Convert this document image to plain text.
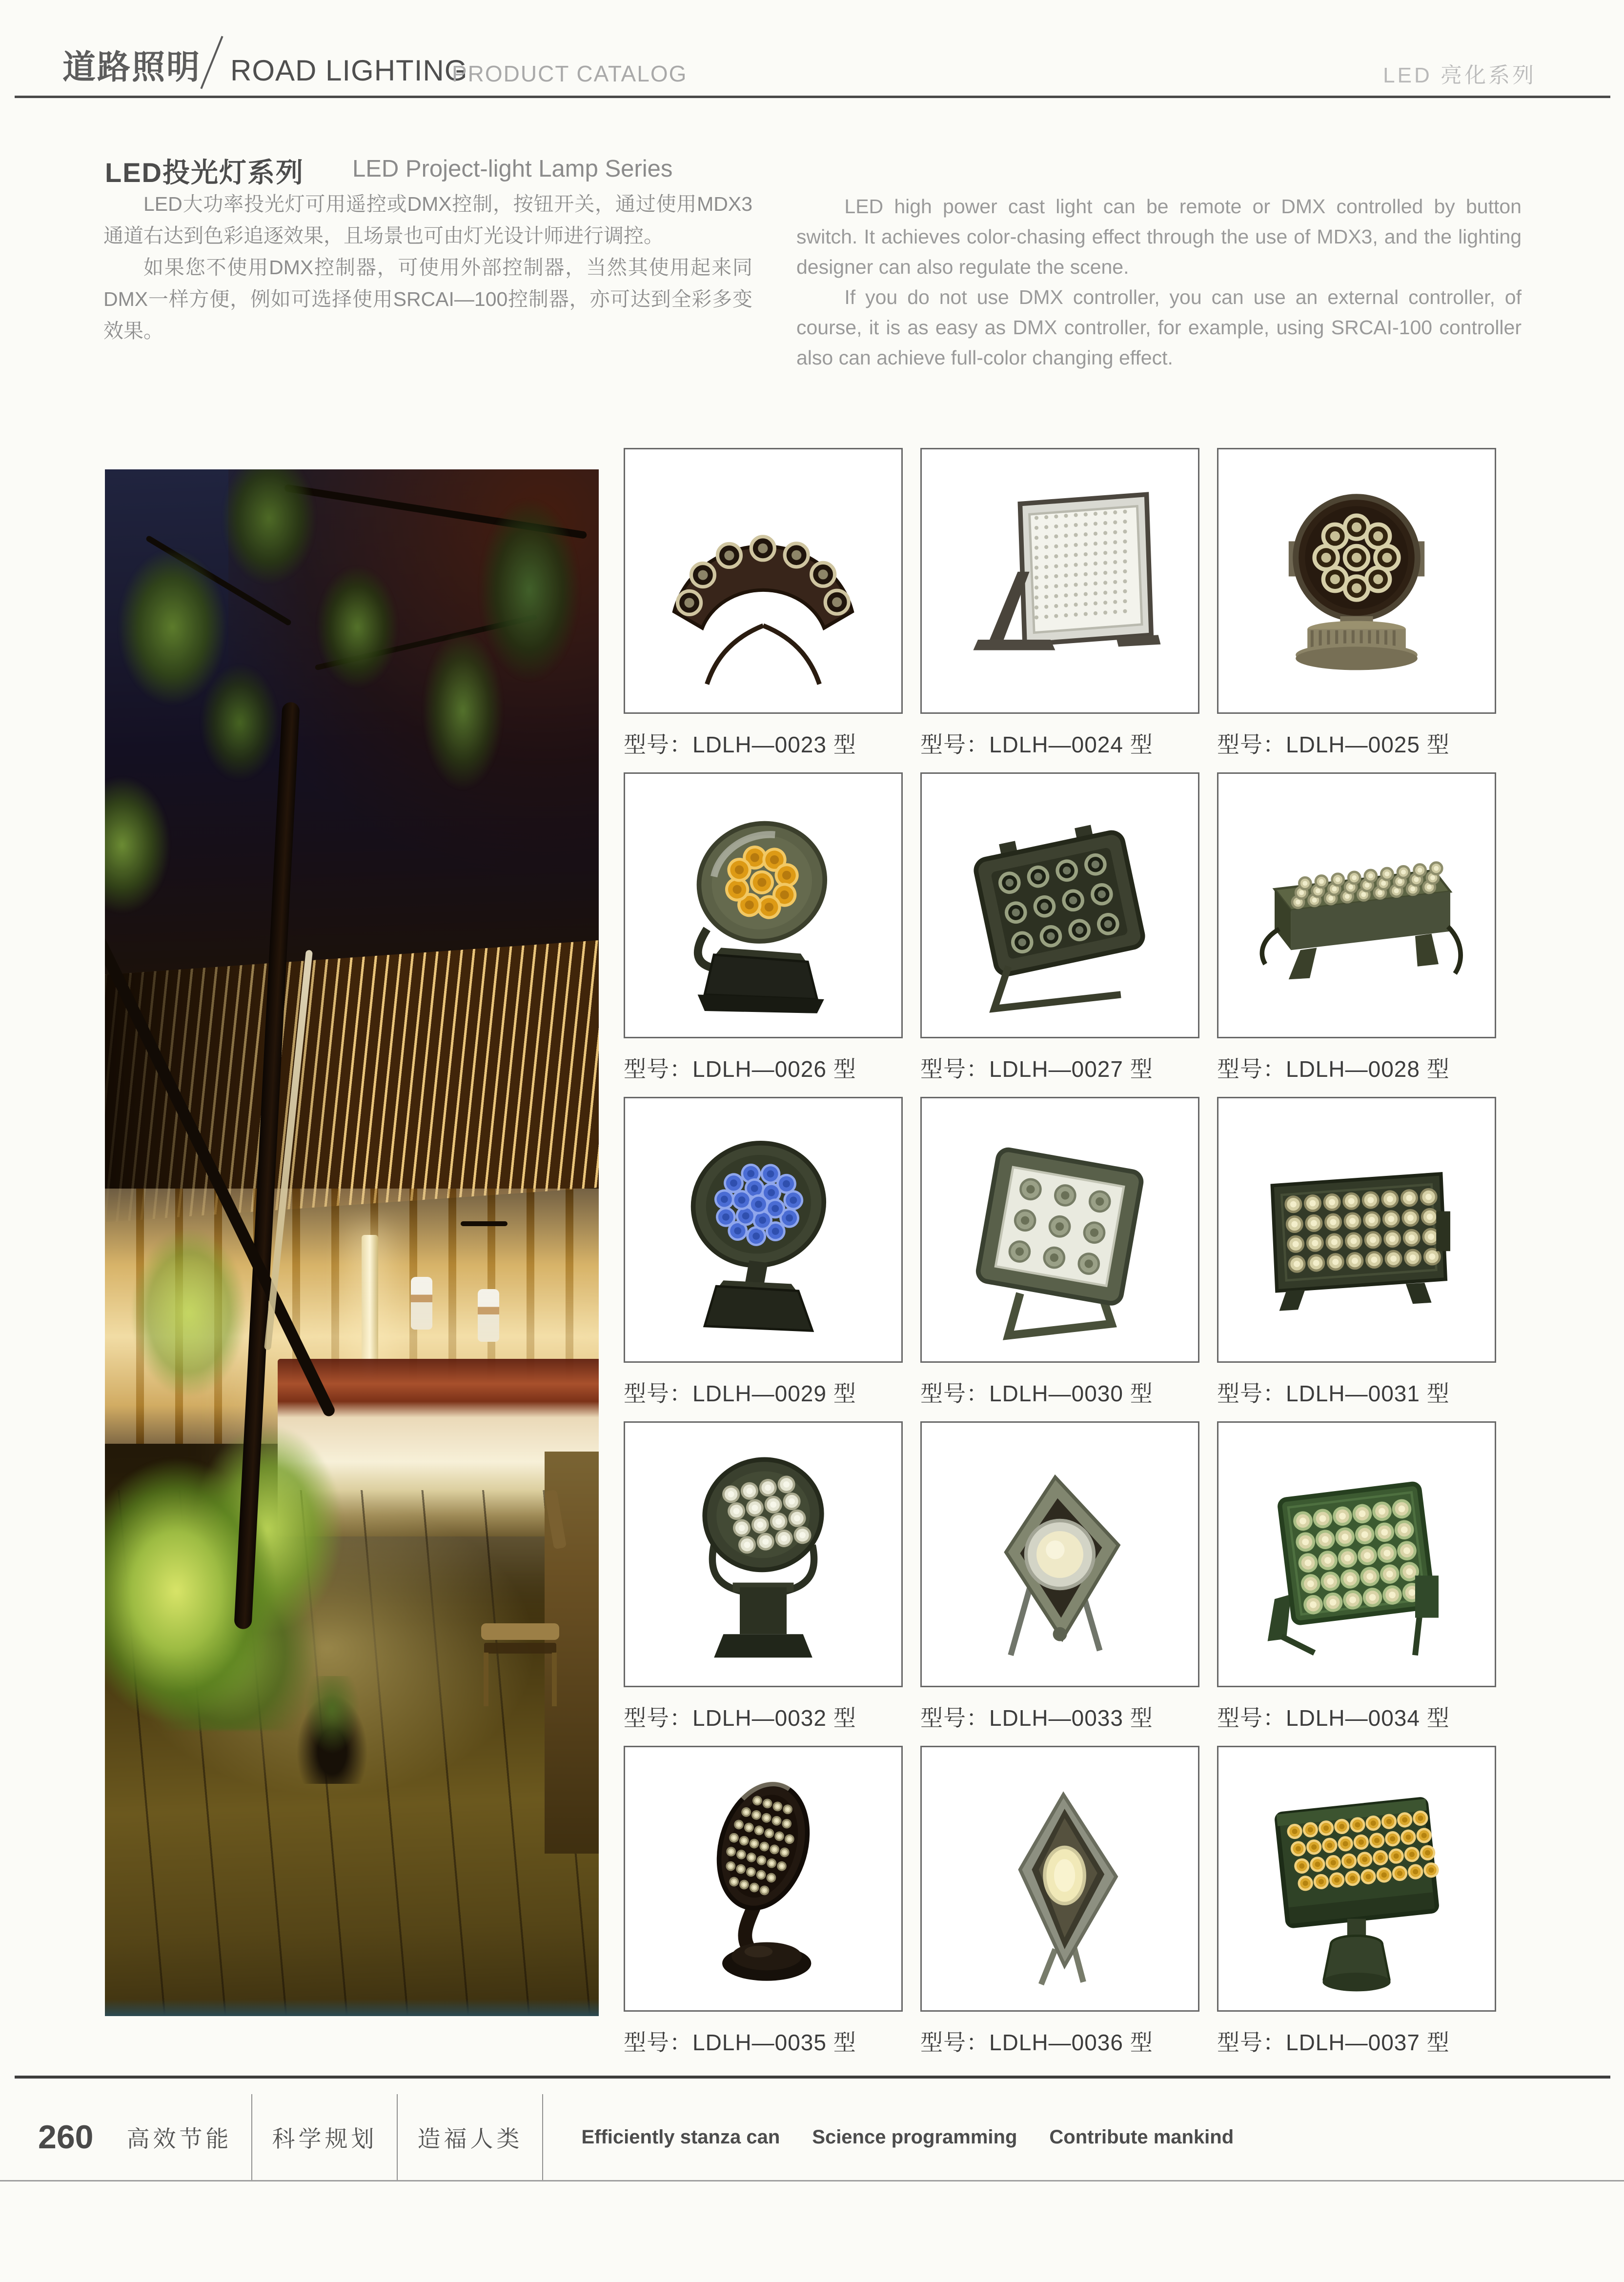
道路照明 ROAD LIGHTING
PRODUCT CATALOG	LED 亮化系列
LED投光灯系列 LED Project-light Lamp Series

LED大功率投光灯可用遥控或DMX控制，按钮开关，通过使用MDX3通道右达到色彩追逐效果，且场景也可由灯光设计师进行调控。

如果您不使用DMX控制器，可使用外部控制器，当然其使用起来同DMX一样方便，例如可选择使用SRCAI—100控制器，亦可达到全彩多变效果。

LED high power cast light can be remote or DMX controlled by button switch. It achieves color-chasing effect through the use of MDX3, and the lighting designer can also regulate the scene.

If you do not use DMX controller, you can use an external controller, of course, it is as easy as DMX controller, for example, using SRCAI-100 controller also can achieve full-color changing effect.

型号：LDLH—0023 型	型号：LDLH—0024 型	型号：LDLH—0025 型
型号：LDLH—0026 型	型号：LDLH—0027 型	型号：LDLH—0028 型
型号：LDLH—0029 型	型号：LDLH—0030 型	型号：LDLH—0031 型
型号：LDLH—0032 型	型号：LDLH—0033 型	型号：LDLH—0034 型
型号：LDLH—0035 型	型号：LDLH—0036 型	型号：LDLH—0037 型
260	高效节能	科学规划	造福人类	Efficiently stanza can Science programming Contribute mankind
